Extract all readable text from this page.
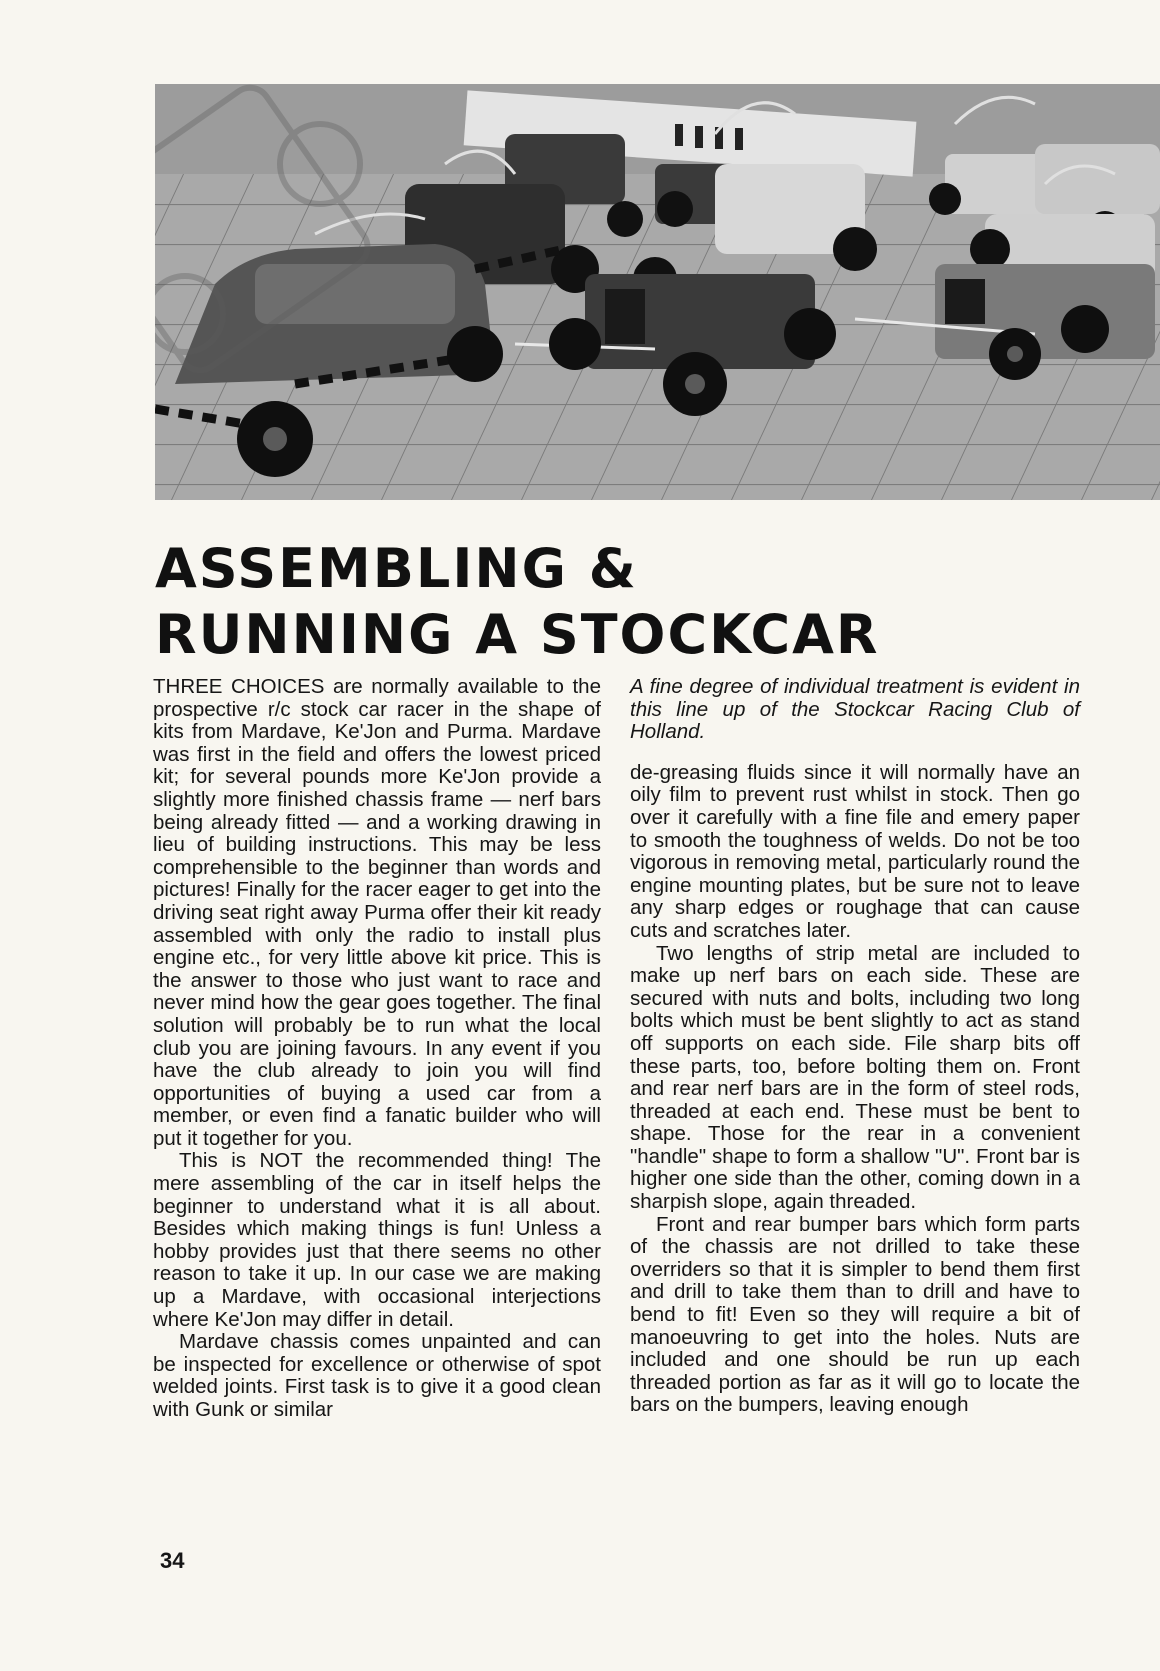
ASSEMBLING &
RUNNING A STOCKCAR

THREE CHOICES are normally available to the prospective r/c stock car racer in the shape of kits from Mardave, Ke'Jon and Purma. Mardave was first in the field and offers the lowest priced kit; for several pounds more Ke'Jon provide a slightly more finished chassis frame — nerf bars being already fitted — and a working drawing in lieu of building instructions. This may be less comprehensible to the beginner than words and pictures! Finally for the racer eager to get into the driving seat right away Purma offer their kit ready assembled with only the radio to install plus engine etc., for very little above kit price. This is the answer to those who just want to race and never mind how the gear goes together. The final solution will probably be to run what the local club you are joining favours. In any event if you have the club already to join you will find opportunities of buying a used car from a member, or even find a fanatic builder who will put it together for you.

This is NOT the recommended thing! The mere assembling of the car in itself helps the beginner to understand what it is all about. Besides which making things is fun! Unless a hobby provides just that there seems no other reason to take it up. In our case we are making up a Mardave, with occasional interjections where Ke'Jon may differ in detail.

Mardave chassis comes unpainted and can be inspected for excellence or otherwise of spot welded joints. First task is to give it a good clean with Gunk or similar

A fine degree of individual treatment is evident in this line up of the Stockcar Racing Club of Holland.

de-greasing fluids since it will normally have an oily film to prevent rust whilst in stock. Then go over it carefully with a fine file and emery paper to smooth the toughness of welds. Do not be too vigorous in removing metal, particularly round the engine mounting plates, but be sure not to leave any sharp edges or roughage that can cause cuts and scratches later.

Two lengths of strip metal are included to make up nerf bars on each side. These are secured with nuts and bolts, including two long bolts which must be bent slightly to act as stand off supports on each side. File sharp bits off these parts, too, before bolting them on. Front and rear nerf bars are in the form of steel rods, threaded at each end. These must be bent to shape. Those for the rear in a convenient "handle" shape to form a shallow "U". Front bar is higher one side than the other, coming down in a sharpish slope, again threaded.

Front and rear bumper bars which form parts of the chassis are not drilled to take these overriders so that it is simpler to bend them first and drill to take them than to drill and have to bend to fit! Even so they will require a bit of manoeuvring to get into the holes. Nuts are included and one should be run up each threaded portion as far as it will go to locate the bars on the bumpers, leaving enough

34
